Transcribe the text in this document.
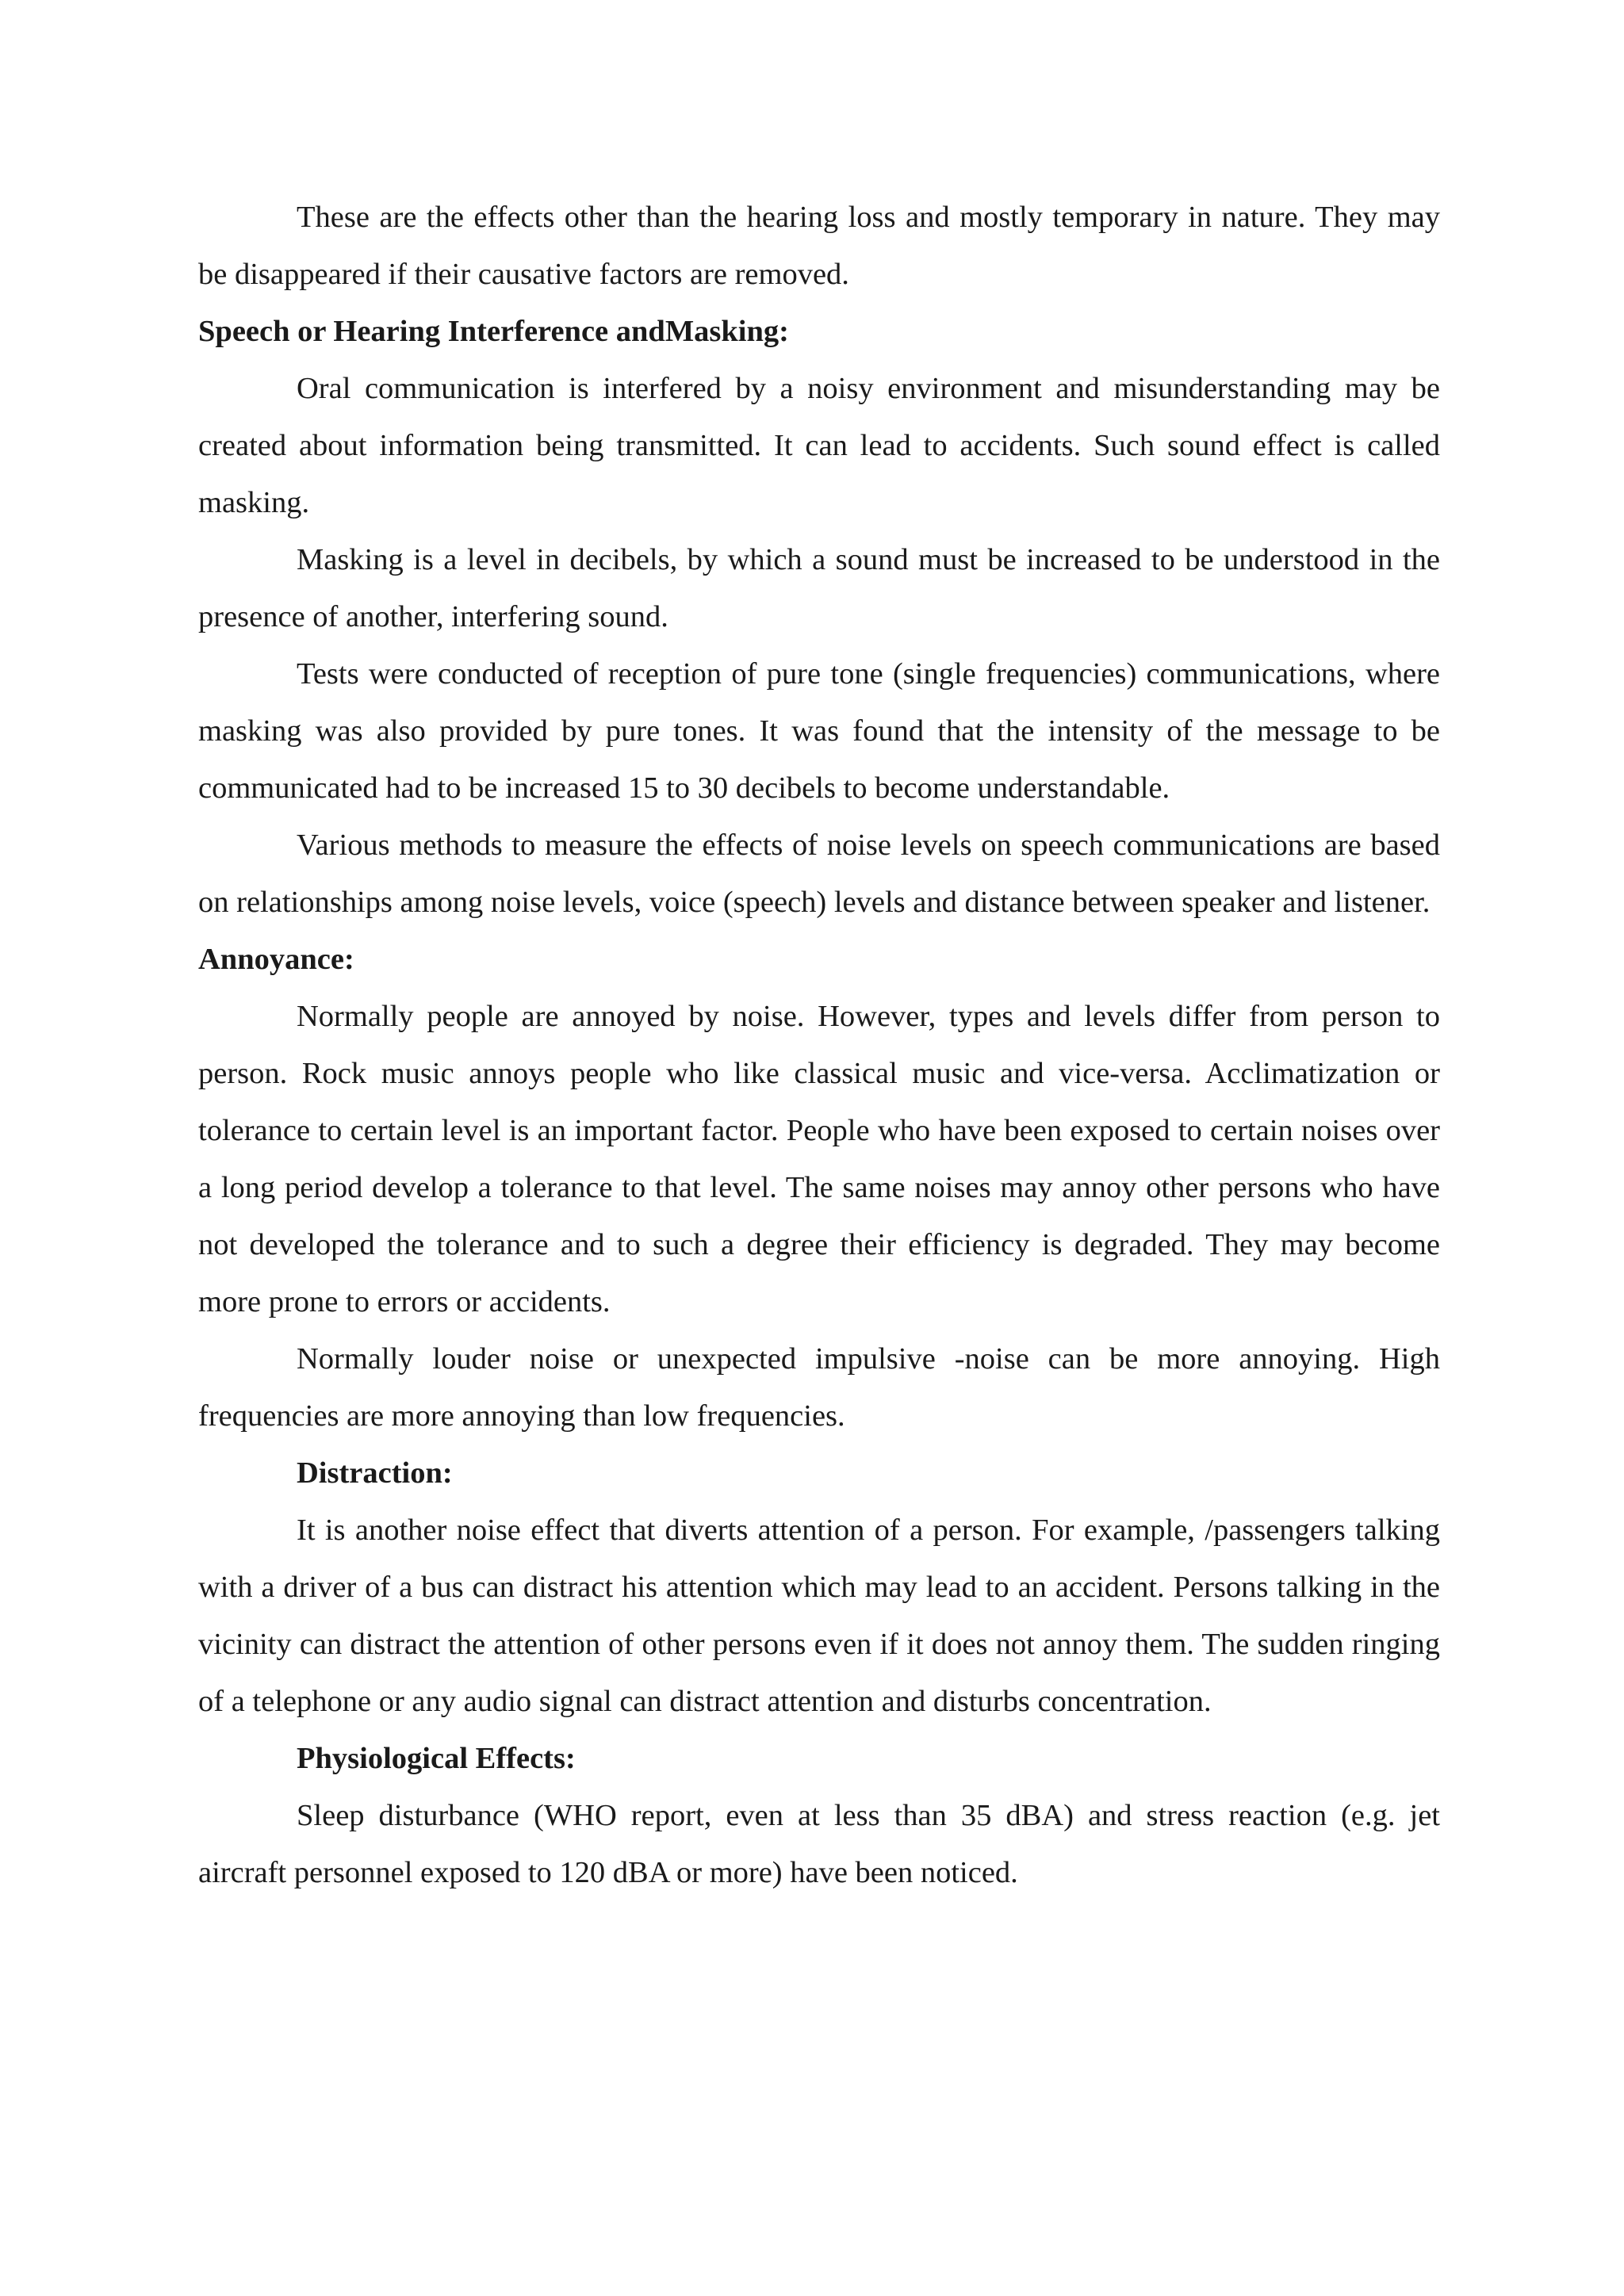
These are the effects other than the hearing loss and mostly temporary in nature. They may be disappeared if their causative factors are removed.

Speech or Hearing Interference andMasking:

Oral communication is interfered by a noisy environment and misunderstanding may be created about information being transmitted. It can lead to accidents. Such sound effect is called masking.

Masking is a level in decibels, by which a sound must be increased to be understood in the presence of another, interfering sound.

Tests were conducted of reception of pure tone (single frequencies) communications, where masking was also provided by pure tones. It was found that the intensity of the message to be communicated had to be increased 15 to 30 decibels to become understandable.

Various methods to measure the effects of noise levels on speech communications are based on relationships among noise levels, voice (speech) levels and distance between speaker and listener.

Annoyance:

Normally people are annoyed by noise. However, types and levels differ from person to person. Rock music annoys people who like classical music and vice-versa. Acclimatization or tolerance to certain level is an important factor. People who have been exposed to certain noises over a long period develop a tolerance to that level. The same noises may annoy other persons who have not developed the tolerance and to such a degree their efficiency is degraded. They may become more prone to errors or accidents.

Normally louder noise or unexpected impulsive -noise can be more annoying. High frequencies are more annoying than low frequencies.

Distraction:

It is another noise effect that diverts attention of a person. For example, /passengers talking with a driver of a bus can distract his attention which may lead to an accident. Persons talking in the vicinity can distract the attention of other persons even if it does not annoy them. The sudden ringing of a telephone or any audio signal can distract attention and disturbs concentration.

Physiological Effects:

Sleep disturbance (WHO report, even at less than 35 dBA) and stress reaction (e.g. jet aircraft personnel exposed to 120 dBA or more) have been noticed.
